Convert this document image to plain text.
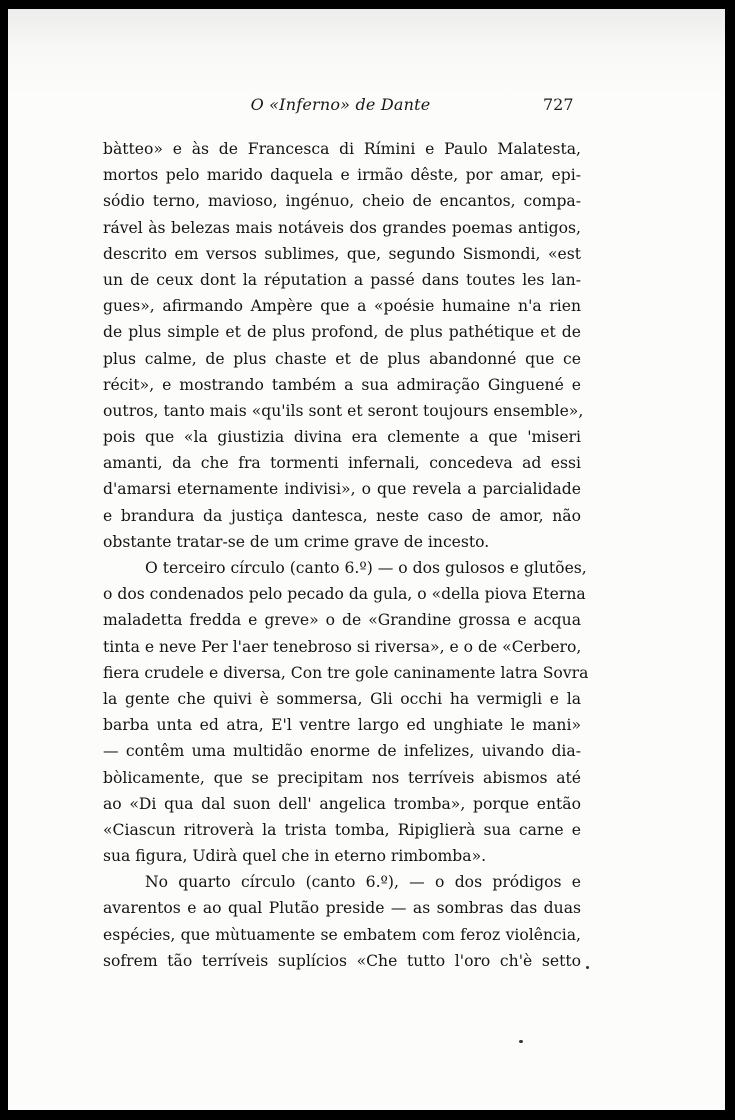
O «Inferno» de Dante	727
bàtteo» e às de Francesca di Rímini e Paulo Malatesta,
mortos pelo marido daquela e irmão dêste, por amar, epi-
sódio terno, mavioso, ingénuo, cheio de encantos, compa-
rável às belezas mais notáveis dos grandes poemas antigos,
descrito em versos sublimes, que, segundo Sismondi, «est
un de ceux dont la réputation a passé dans toutes les lan-
gues», afirmando Ampère que a «poésie humaine n'a rien
de plus simple et de plus profond, de plus pathétique et de
plus calme, de plus chaste et de plus abandonné que ce
récit», e mostrando também a sua admiração Ginguené e
outros, tanto mais «qu'ils sont et seront toujours ensemble»,
pois que «la giustizia divina era clemente a que 'miseri
amanti, da che fra tormenti infernali, concedeva ad essi
d'amarsi eternamente indivisi», o que revela a parcialidade
e brandura da justiça dantesca, neste caso de amor, não
obstante tratar-se de um crime grave de incesto.
O terceiro círculo (canto 6.º) — o dos gulosos e glutões,
o dos condenados pelo pecado da gula, o «della piova Eterna
maladetta fredda e greve» o de «Grandine grossa e acqua
tinta e neve Per l'aer tenebroso si riversa», e o de «Cerbero,
fiera crudele e diversa, Con tre gole caninamente latra Sovra
la gente che quivi è sommersa, Gli occhi ha vermigli e la
barba unta ed atra, E'l ventre largo ed unghiate le mani»
— contêm uma multidão enorme de infelizes, uivando dia-
bòlicamente, que se precipitam nos terríveis abismos até
ao «Di qua dal suon dell' angelica tromba», porque então
«Ciascun ritroverà la trista tomba, Ripiglierà sua carne e
sua figura, Udirà quel che in eterno rimbomba».
No quarto círculo (canto 6.º), — o dos pródigos e
avarentos e ao qual Plutão preside — as sombras das duas
espécies, que mùtuamente se embatem com feroz violência,
sofrem tão terríveis suplícios «Che tutto l'oro ch'è setto
